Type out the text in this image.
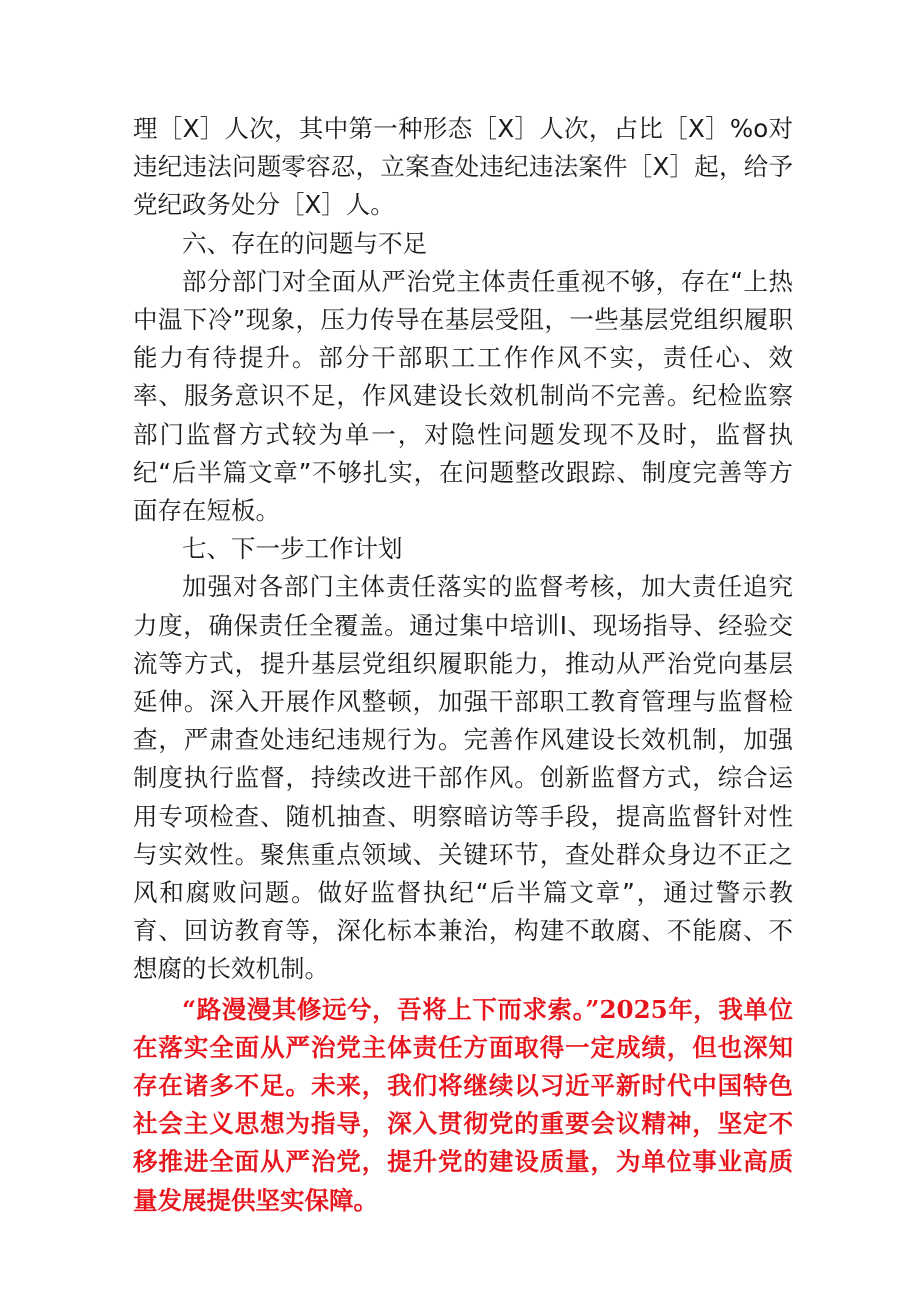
理［X］人次，其中第一种形态［X］人次，占比［X］%o对违纪违法问题零容忍，立案查处违纪违法案件［X］起，给予党纪政务处分［X］人。

六、存在的问题与不足

部分部门对全面从严治党主体责任重视不够，存在“上热中温下冷”现象，压力传导在基层受阻，一些基层党组织履职能力有待提升。部分干部职工工作作风不实，责任心、效率、服务意识不足，作风建设长效机制尚不完善。纪检监察部门监督方式较为单一，对隐性问题发现不及时，监督执纪“后半篇文章”不够扎实，在问题整改跟踪、制度完善等方面存在短板。

七、下一步工作计划

加强对各部门主体责任落实的监督考核，加大责任追究力度，确保责任全覆盖。通过集中培训I、现场指导、经验交流等方式，提升基层党组织履职能力，推动从严治党向基层延伸。深入开展作风整顿，加强干部职工教育管理与监督检查，严肃查处违纪违规行为。完善作风建设长效机制，加强制度执行监督，持续改进干部作风。创新监督方式，综合运用专项检查、随机抽查、明察暗访等手段，提高监督针对性与实效性。聚焦重点领域、关键环节，查处群众身边不正之风和腐败问题。做好监督执纪“后半篇文章”，通过警示教育、回访教育等，深化标本兼治，构建不敢腐、不能腐、不想腐的长效机制。

“路漫漫其修远兮，吾将上下而求索。”2025年，我单位在落实全面从严治党主体责任方面取得一定成绩，但也深知存在诸多不足。未来，我们将继续以习近平新时代中国特色社会主义思想为指导，深入贯彻党的重要会议精神，坚定不移推进全面从严治党，提升党的建设质量，为单位事业高质量发展提供坚实保障。
